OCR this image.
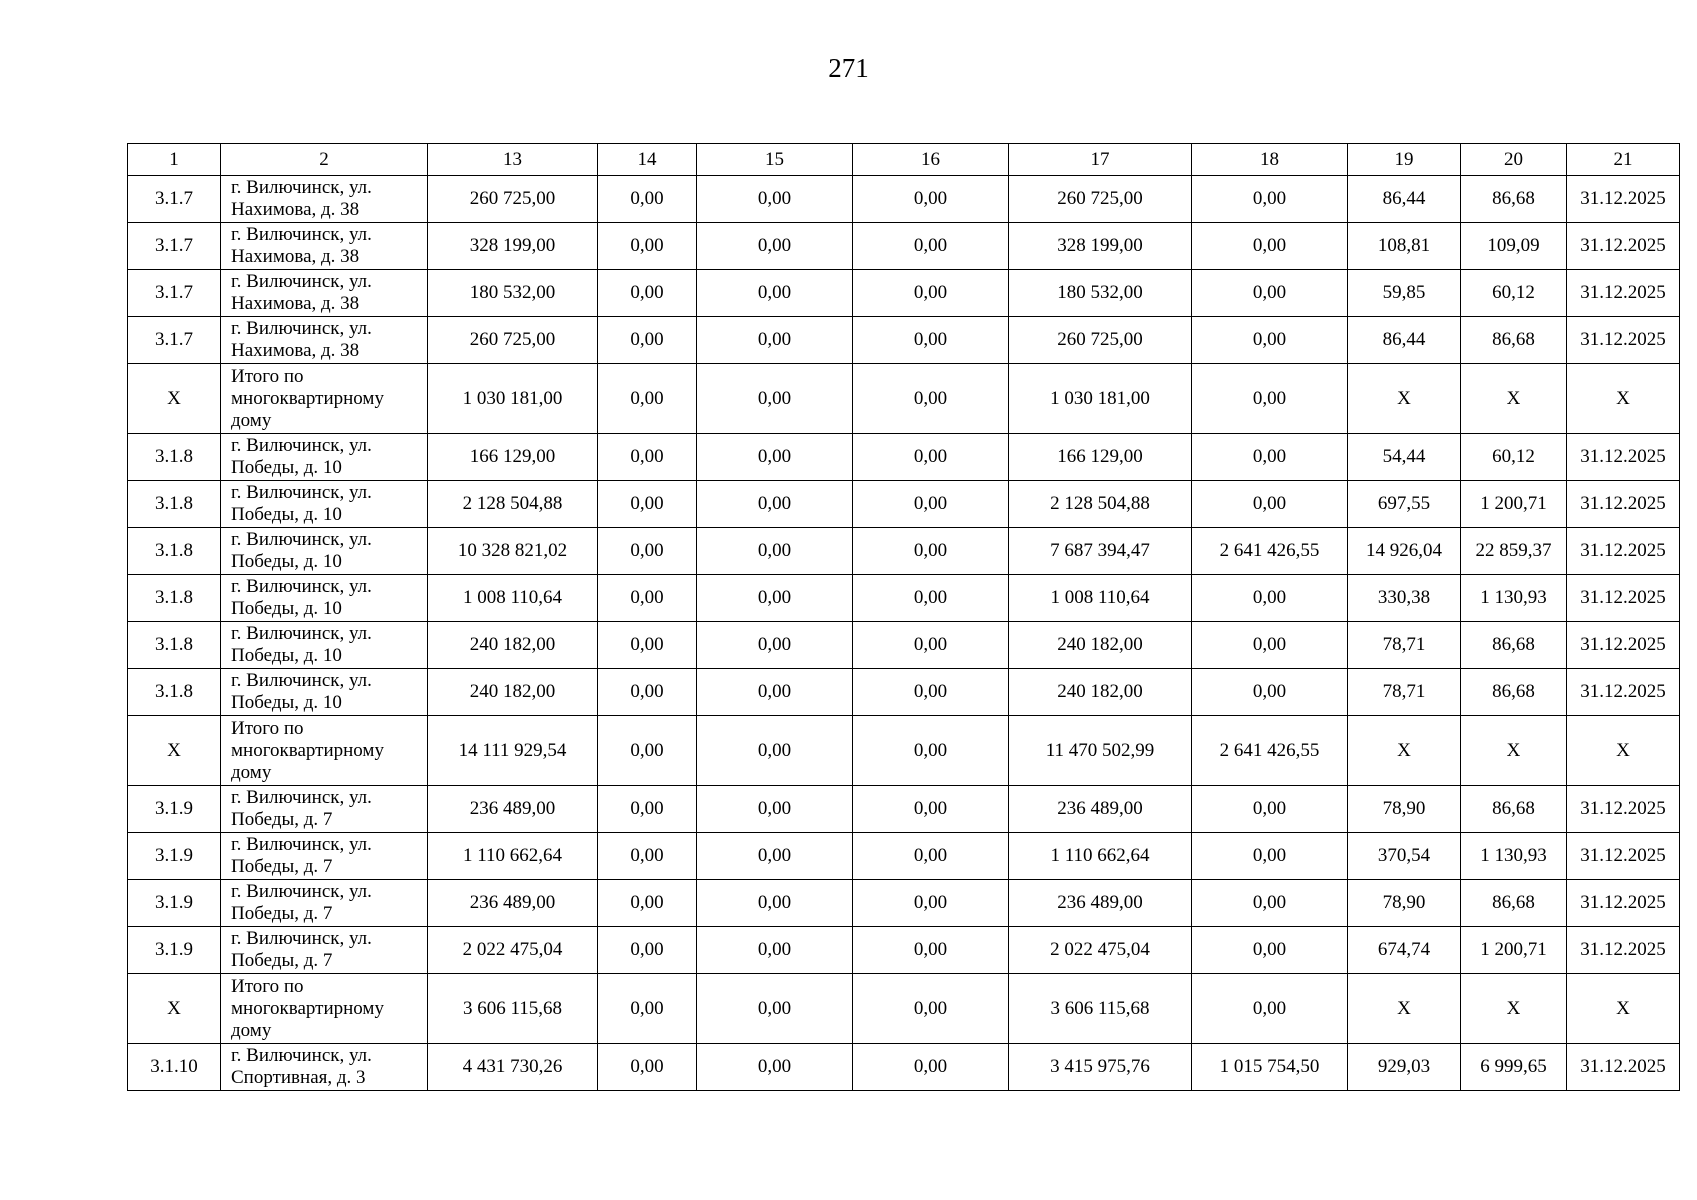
271
1	2	13	14	15	16	17	18	19	20	21
3.1.7	г. Вилючинск, ул. Нахимова, д. 38	260 725,00	0,00	0,00	0,00	260 725,00	0,00	86,44	86,68	31.12.2025
3.1.7	г. Вилючинск, ул. Нахимова, д. 38	328 199,00	0,00	0,00	0,00	328 199,00	0,00	108,81	109,09	31.12.2025
3.1.7	г. Вилючинск, ул. Нахимова, д. 38	180 532,00	0,00	0,00	0,00	180 532,00	0,00	59,85	60,12	31.12.2025
3.1.7	г. Вилючинск, ул. Нахимова, д. 38	260 725,00	0,00	0,00	0,00	260 725,00	0,00	86,44	86,68	31.12.2025
X	Итого по многоквартирному дому	1 030 181,00	0,00	0,00	0,00	1 030 181,00	0,00	X	X	X
3.1.8	г. Вилючинск, ул. Победы, д. 10	166 129,00	0,00	0,00	0,00	166 129,00	0,00	54,44	60,12	31.12.2025
3.1.8	г. Вилючинск, ул. Победы, д. 10	2 128 504,88	0,00	0,00	0,00	2 128 504,88	0,00	697,55	1 200,71	31.12.2025
3.1.8	г. Вилючинск, ул. Победы, д. 10	10 328 821,02	0,00	0,00	0,00	7 687 394,47	2 641 426,55	14 926,04	22 859,37	31.12.2025
3.1.8	г. Вилючинск, ул. Победы, д. 10	1 008 110,64	0,00	0,00	0,00	1 008 110,64	0,00	330,38	1 130,93	31.12.2025
3.1.8	г. Вилючинск, ул. Победы, д. 10	240 182,00	0,00	0,00	0,00	240 182,00	0,00	78,71	86,68	31.12.2025
3.1.8	г. Вилючинск, ул. Победы, д. 10	240 182,00	0,00	0,00	0,00	240 182,00	0,00	78,71	86,68	31.12.2025
X	Итого по многоквартирному дому	14 111 929,54	0,00	0,00	0,00	11 470 502,99	2 641 426,55	X	X	X
3.1.9	г. Вилючинск, ул. Победы, д. 7	236 489,00	0,00	0,00	0,00	236 489,00	0,00	78,90	86,68	31.12.2025
3.1.9	г. Вилючинск, ул. Победы, д. 7	1 110 662,64	0,00	0,00	0,00	1 110 662,64	0,00	370,54	1 130,93	31.12.2025
3.1.9	г. Вилючинск, ул. Победы, д. 7	236 489,00	0,00	0,00	0,00	236 489,00	0,00	78,90	86,68	31.12.2025
3.1.9	г. Вилючинск, ул. Победы, д. 7	2 022 475,04	0,00	0,00	0,00	2 022 475,04	0,00	674,74	1 200,71	31.12.2025
X	Итого по многоквартирному дому	3 606 115,68	0,00	0,00	0,00	3 606 115,68	0,00	X	X	X
3.1.10	г. Вилючинск, ул. Спортивная, д. 3	4 431 730,26	0,00	0,00	0,00	3 415 975,76	1 015 754,50	929,03	6 999,65	31.12.2025
